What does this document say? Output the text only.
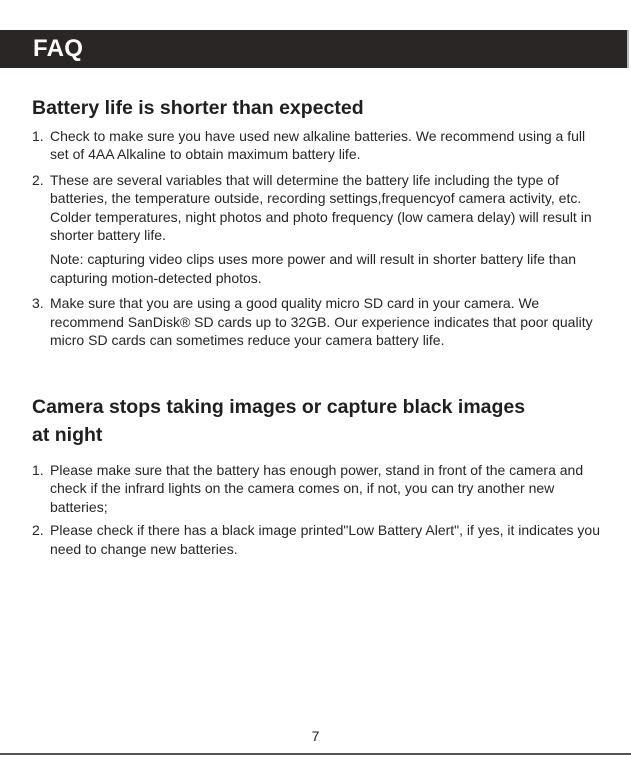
FAQ
Battery life is shorter than expected
1. Check to make sure you have used new alkaline batteries. We recommend using a full set of 4AA Alkaline to obtain maximum battery life.

2. These are several variables that will determine the battery life including the type of batteries, the temperature outside, recording settings,frequencyof camera activity, etc. Colder temperatures, night photos and photo frequency (low camera delay) will result in shorter battery life.

Note: capturing video clips uses more power and will result in shorter battery life than capturing motion-detected photos.

3. Make sure that you are using a good quality micro SD card in your camera. We recommend SanDisk® SD cards up to 32GB. Our experience indicates that poor quality micro SD cards can sometimes reduce your camera battery life.

Camera stops taking images or capture black images
at night
1. Please make sure that the battery has enough power, stand in front of the camera and check if the infrard lights on the camera comes on, if not, you can try another new batteries;

2. Please check if there has a black image printed"Low Battery Alert", if yes, it indicates you need to change new batteries.

7
